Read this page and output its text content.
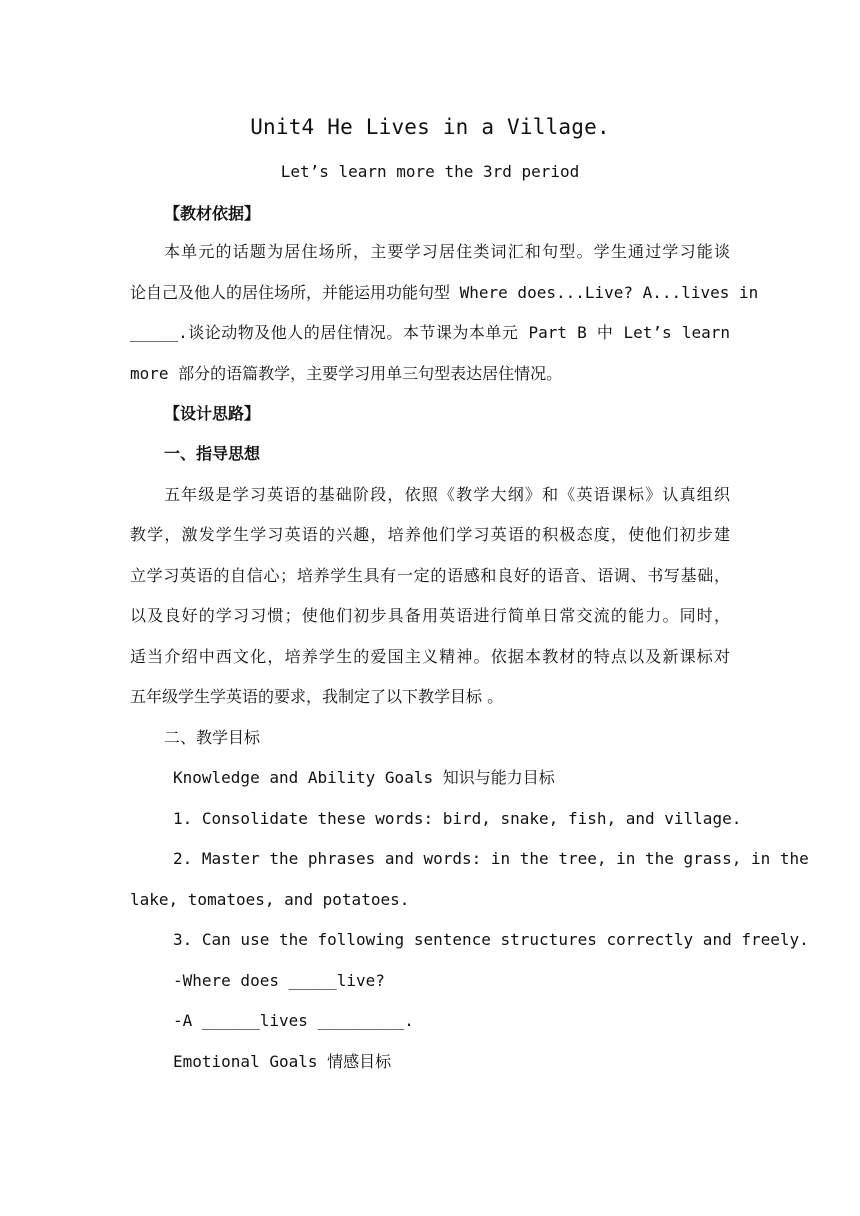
Unit4 He Lives in a Village.
Let’s learn more the 3rd period
【教材依据】
本单元的话题为居住场所，主要学习居住类词汇和句型。学生通过学习能谈
论自己及他人的居住场所，并能运用功能句型 Where does...Live? A...lives in
_____.谈论动物及他人的居住情况。本节课为本单元 Part B 中 Let’s learn
more 部分的语篇教学，主要学习用单三句型表达居住情况。
【设计思路】
一、指导思想
五年级是学习英语的基础阶段，依照《教学大纲》和《英语课标》认真组织
教学，激发学生学习英语的兴趣，培养他们学习英语的积极态度，使他们初步建
立学习英语的自信心；培养学生具有一定的语感和良好的语音、语调、书写基础，
以及良好的学习习惯；使他们初步具备用英语进行简单日常交流的能力。同时，
适当介绍中西文化，培养学生的爱国主义精神。依据本教材的特点以及新课标对
五年级学生学英语的要求，我制定了以下教学目标 。
二、教学目标
Knowledge and Ability Goals 知识与能力目标
1. Consolidate these words: bird, snake, fish, and village.
2. Master the phrases and words: in the tree, in the grass, in the
lake, tomatoes, and potatoes.
3. Can use the following sentence structures correctly and freely.
-Where does _____live?
-A ______lives _________.
Emotional Goals 情感目标
